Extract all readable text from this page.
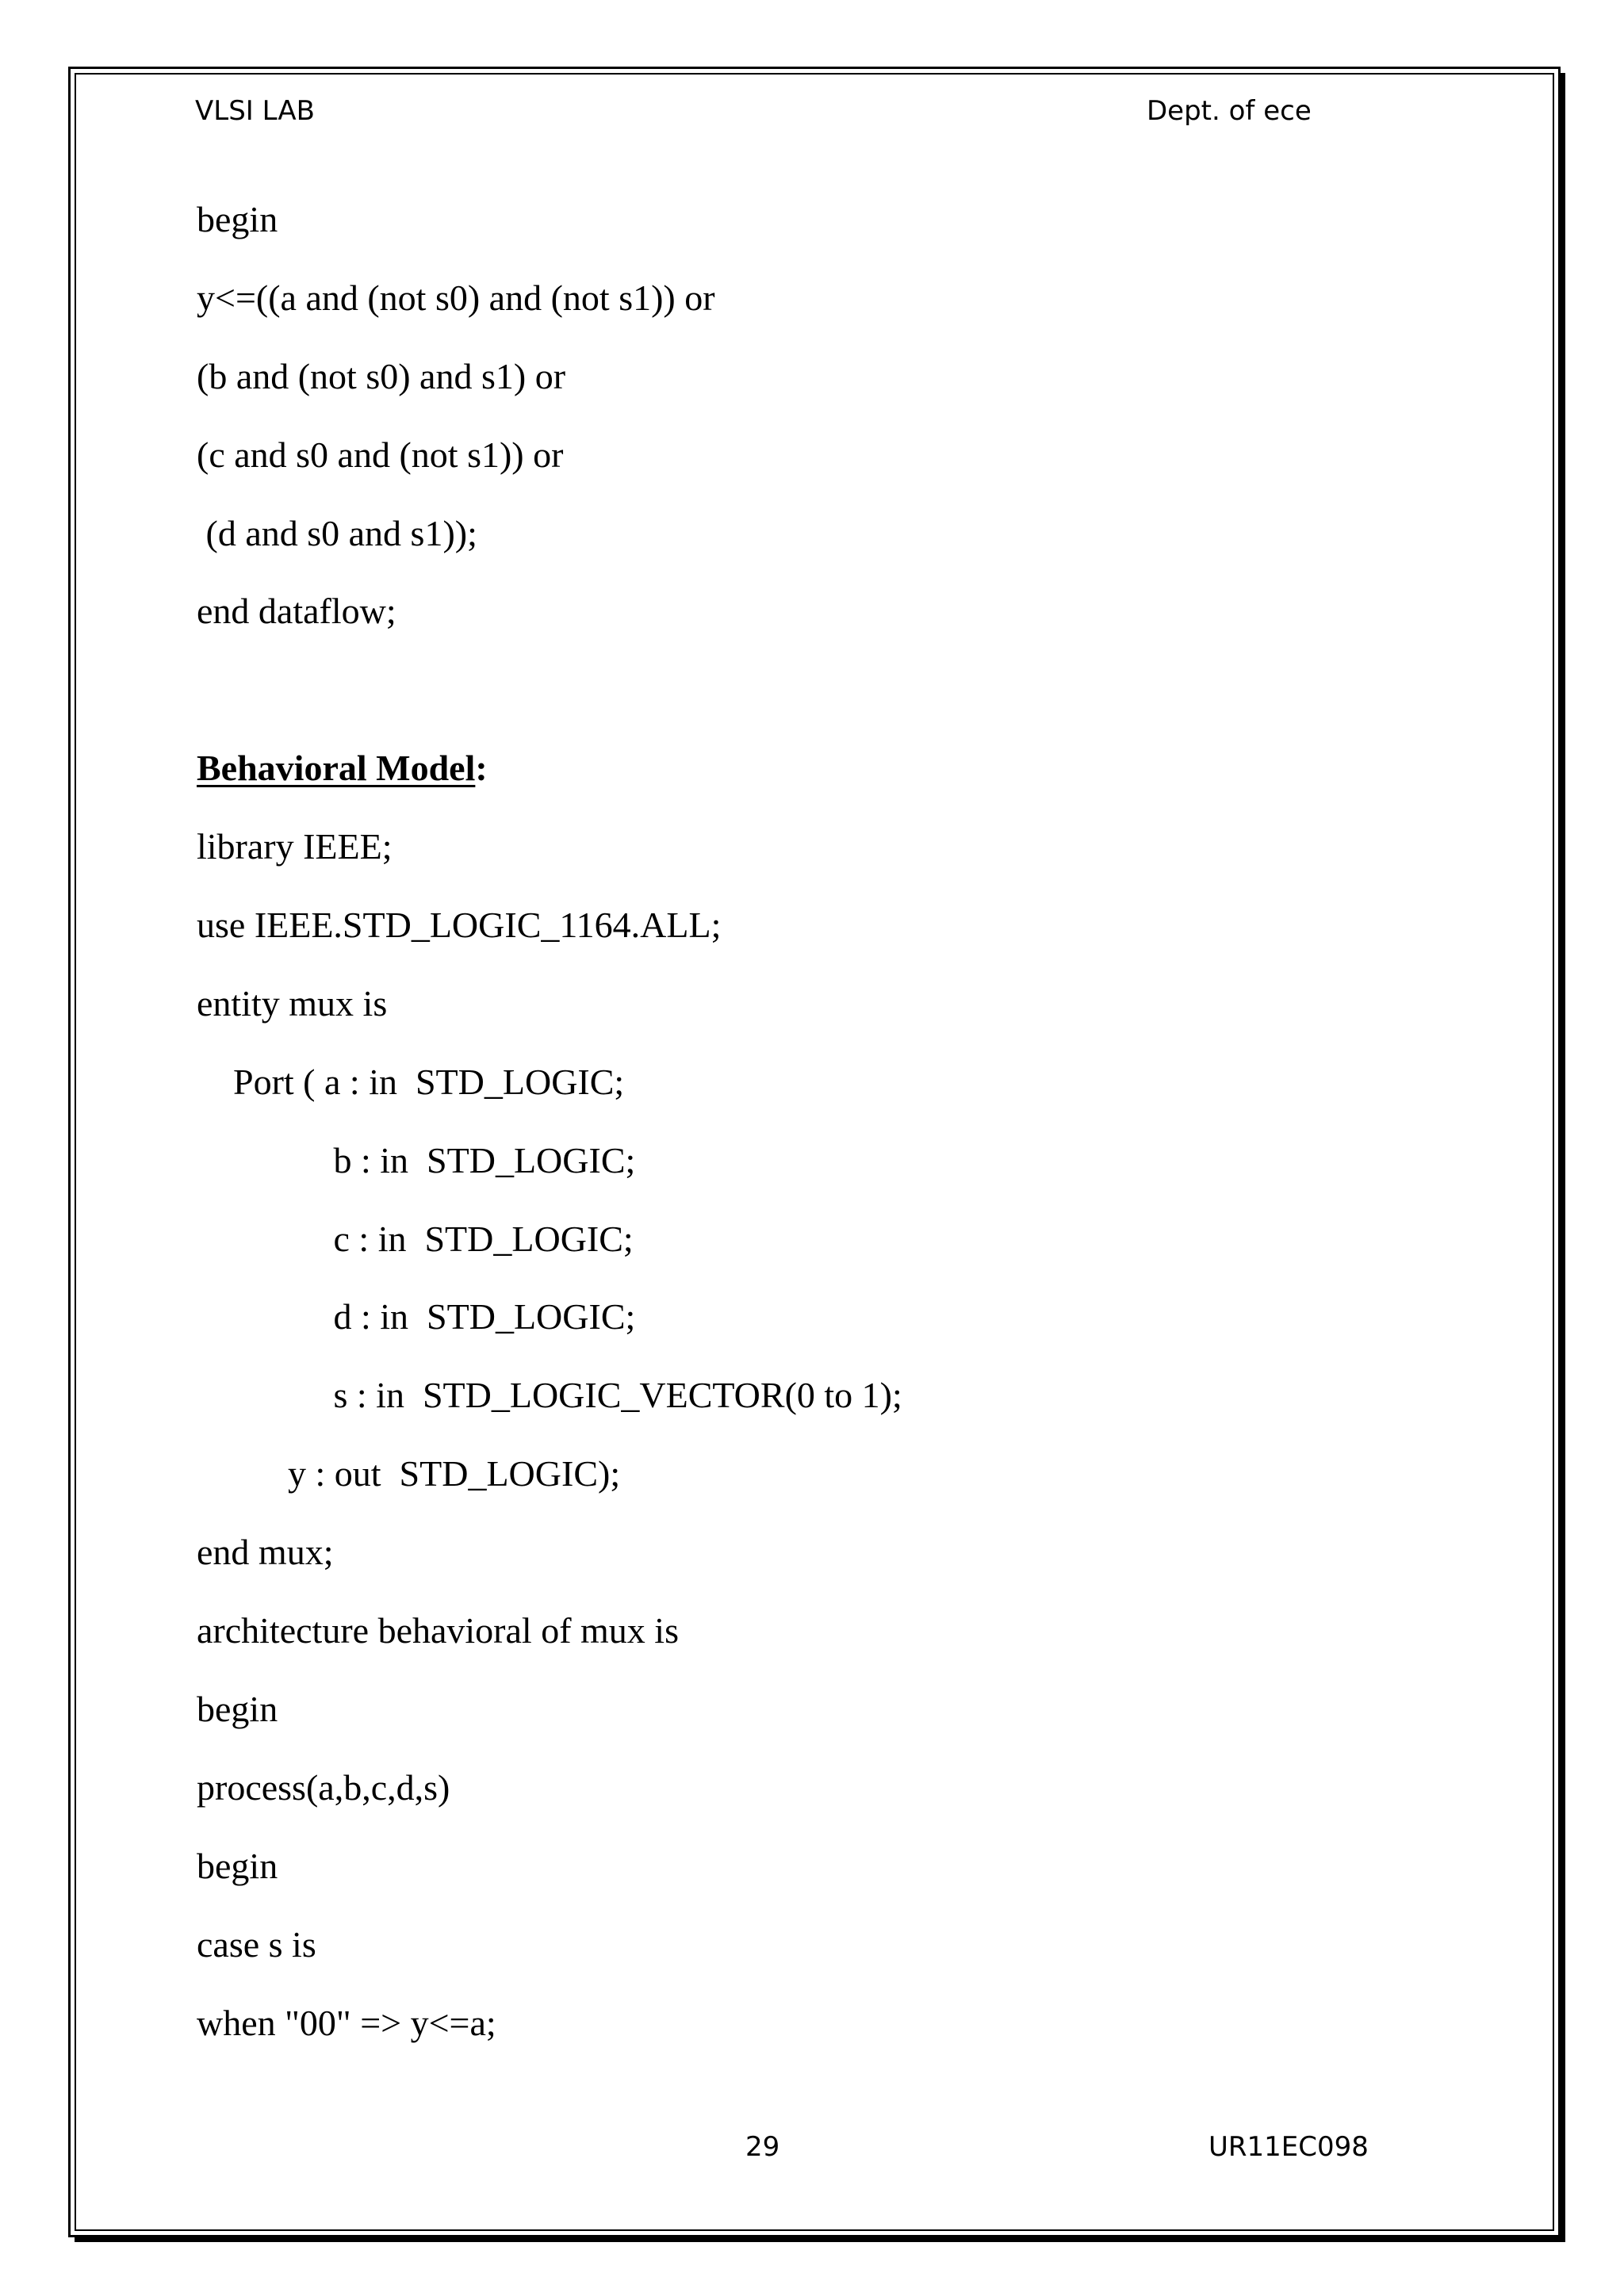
VLSI LAB	Dept. of ece
begin
y<=((a and (not s0) and (not s1)) or
(b and (not s0) and s1) or
(c and s0 and (not s1)) or
(d and s0 and s1));
end dataflow;
Behavioral Model:
library IEEE;
use IEEE.STD_LOGIC_1164.ALL;
entity mux is
Port ( a : in  STD_LOGIC;
b : in  STD_LOGIC;
c : in  STD_LOGIC;
d : in  STD_LOGIC;
s : in  STD_LOGIC_VECTOR(0 to 1);
y : out  STD_LOGIC);
end mux;
architecture behavioral of mux is
begin
process(a,b,c,d,s)
begin
case s is
when "00" => y<=a;
29	UR11EC098
